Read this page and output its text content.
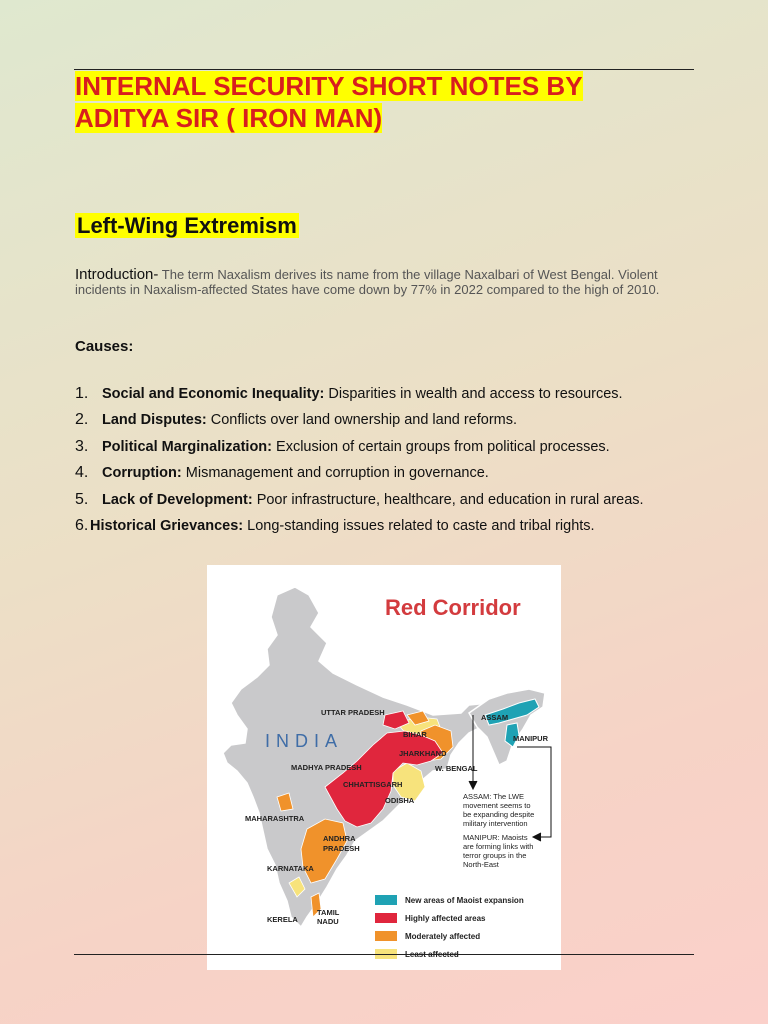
INTERNAL SECURITY SHORT NOTES BY ADITYA SIR ( IRON MAN)
Left-Wing Extremism
Introduction- The term Naxalism derives its name from the village Naxalbari of West Bengal. Violent incidents in Naxalism-affected States have come down by 77% in 2022 compared to the high of 2010.
Causes:
1. Social and Economic Inequality: Disparities in wealth and access to resources.
2. Land Disputes: Conflicts over land ownership and land reforms.
3. Political Marginalization: Exclusion of certain groups from political processes.
4. Corruption: Mismanagement and corruption in governance.
5. Lack of Development: Poor infrastructure, healthcare, and education in rural areas.
6. Historical Grievances: Long-standing issues related to caste and tribal rights.
Red Corridor
UTTAR PRADESH
BIHAR
JHARKHAND
MADHYA PRADESH
CHHATTISGARH
W. BENGAL
ODISHA
MAHARASHTRA
ANDHRA
PRADESH
KARNATAKA
KERELA
TAMIL
NADU
ASSAM
MANIPUR
INDIA
ASSAM: The LWE
movement seems to
be expanding despite
military intervention
MANIPUR: Maoists
are forming links with
terror groups in the
North-East
New areas of Maoist expansion
Highly affected areas
Moderately affected
Least affected
